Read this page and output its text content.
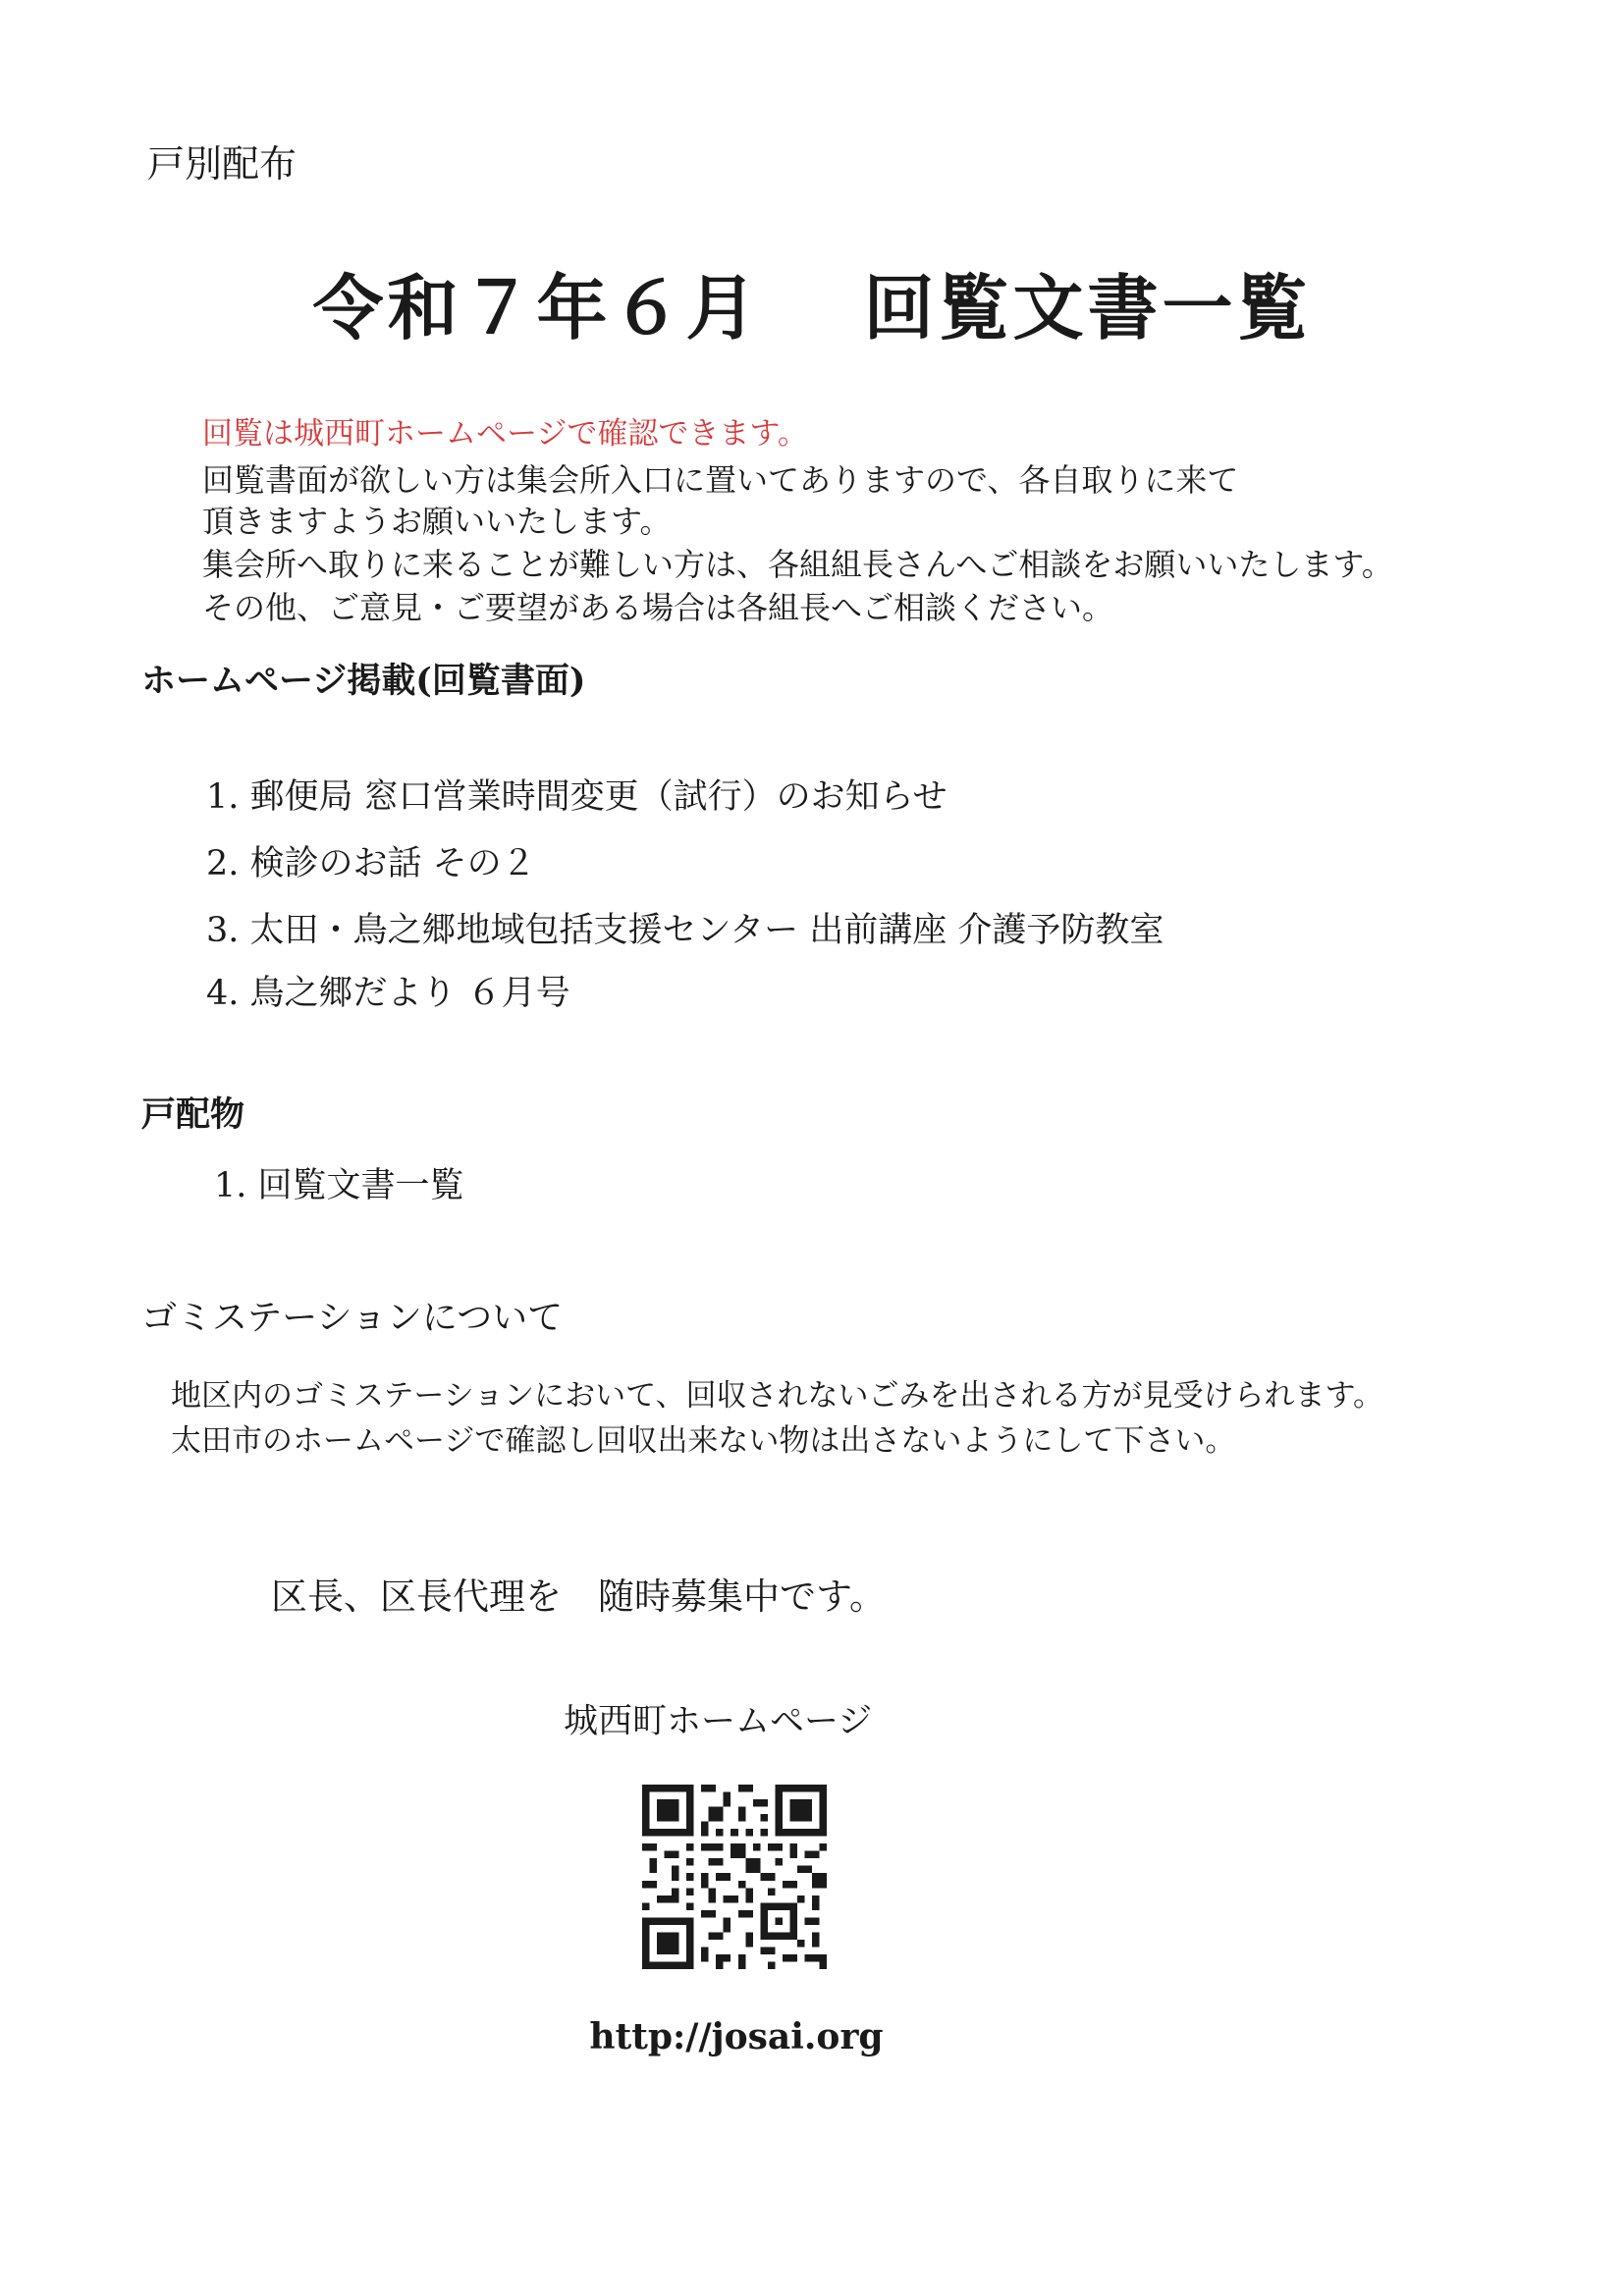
戸別配布
令和７年６月　 回覧文書一覧
回覧は城西町ホームページで確認できます。
回覧書面が欲しい方は集会所入口に置いてありますので、各自取りに来て
頂きますようお願いいたします。
集会所へ取りに来ることが難しい方は、各組組長さんへご相談をお願いいたします。
その他、ご意見・ご要望がある場合は各組長へご相談ください。
ホームページ掲載(回覧書面)
1. 郵便局 窓口営業時間変更（試行）のお知らせ
2. 検診のお話 その２
3. 太田・鳥之郷地域包括支援センター 出前講座 介護予防教室
4. 鳥之郷だより ６月号
戸配物
1. 回覧文書一覧
ゴミステーションについて
地区内のゴミステーションにおいて、回収されないごみを出される方が見受けられます。
太田市のホームページで確認し回収出来ない物は出さないようにして下さい。
区長、区長代理を　随時募集中です。
城西町ホームページ
http://josai.org
